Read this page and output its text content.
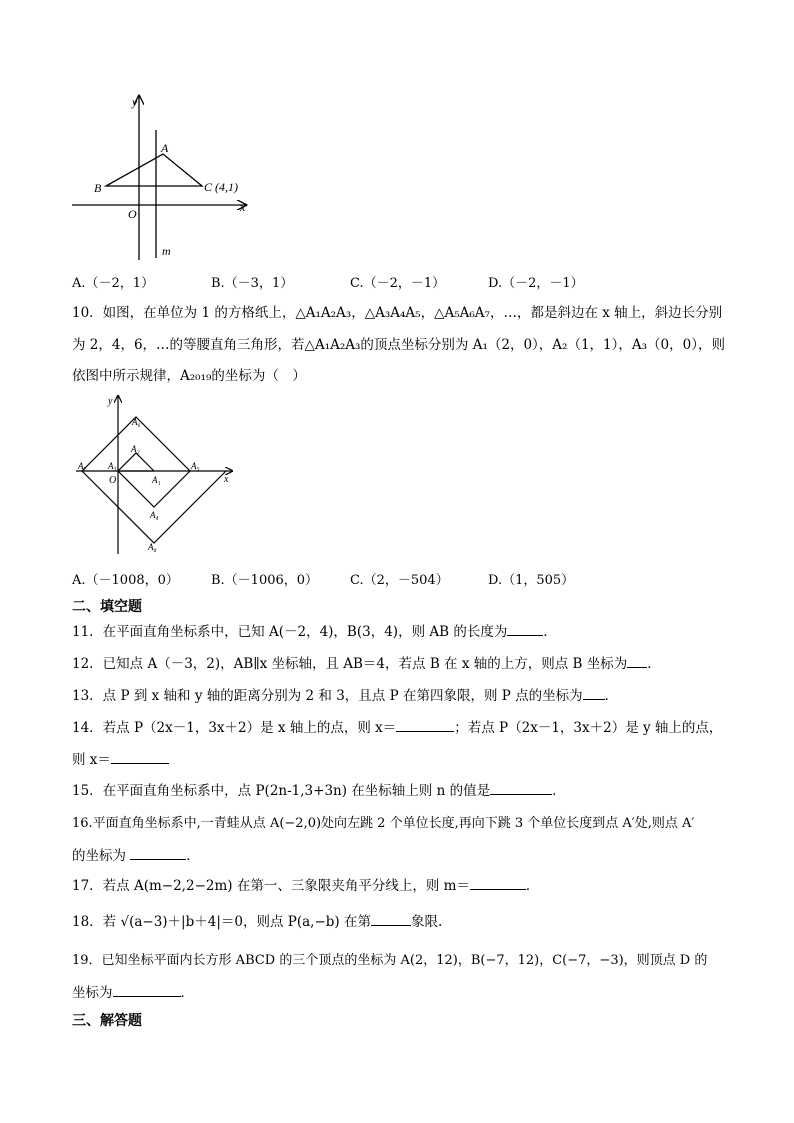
y
x
A
B	C (4,1)
O
m
A.（－2，1）	B.（－3，1）	C.（－2，－1）	D.（－2，－1）
10．如图，在单位为 1 的方格纸上，△A₁A₂A₃，△A₃A₄A₅，△A₅A₆A₇，…，都是斜边在 x 轴上，斜边长分别
为 2，4，6，…的等腰直角三角形，若△A₁A₂A₃的顶点坐标分别为 A₁（2，0），A₂（1，1），A₃（0，0），则
依图中所示规律，A₂₀₁₉的坐标为（　）
y
x
O	A₁
A₂
A₃
A₄
A₅
A₆
A₇
A₈
A.（－1008，0） B.（－1006，0） C.（2，－504）	D.（1，505）
二、填空题
11．在平面直角坐标系中，已知 A(－2，4)，B(3，4)，则 AB 的长度为	．
12．已知点 A（－3，2)，AB∥x 坐标轴，且 AB＝4，若点 B 在 x 轴的上方，则点 B 坐标为 ．
13．点 P 到 x 轴和 y 轴的距离分别为 2 和 3，且点 P 在第四象限，则 P 点的坐标为 ．
14．若点 P（2x－1，3x＋2）是 x 轴上的点，则 x＝	；若点 P（2x－1，3x＋2）是 y 轴上的点，
则 x＝
15．在平面直角坐标系中，点 P(2n-1,3+3n) 在坐标轴上则 n 的值是	．
16.平面直角坐标系中,一青蛙从点 A(−2,0)处向左跳 2 个单位长度,再向下跳 3 个单位长度到点 A′处,则点 A′
的坐标为	．
17．若点 A(m−2,2−2m) 在第一、三象限夹角平分线上，则 m＝	．
18．若 √(a−3)＋|b＋4|＝0，则点 P(a,−b) 在第	象限.
19．已知坐标平面内长方形 ABCD 的三个顶点的坐标为 A(2，12)，B(−7，12)，C(−7，−3)，则顶点 D 的
坐标为	．
三、解答题
